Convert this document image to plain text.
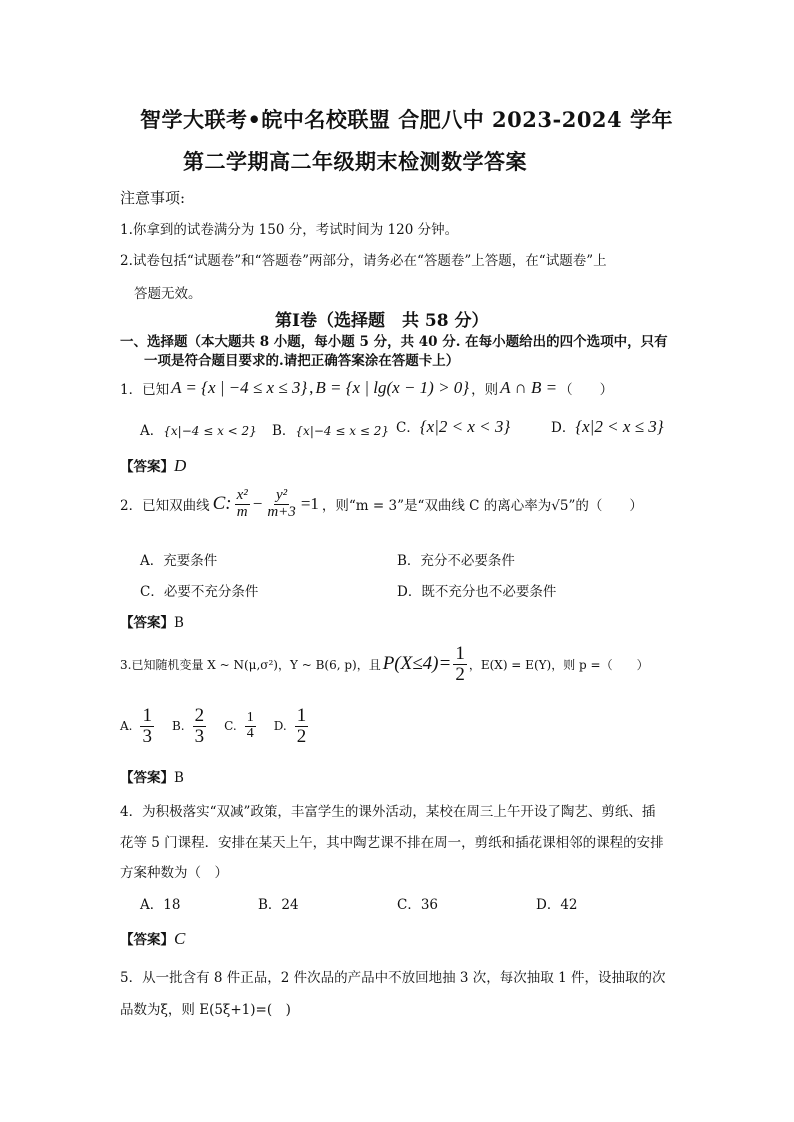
智学大联考•皖中名校联盟 合肥八中 2023-2024 学年
第二学期高二年级期末检测数学答案
注意事项:
1.你拿到的试卷满分为 150 分，考试时间为 120 分钟。
2.试卷包括“试题卷”和“答题卷”两部分，请务必在“答题卷”上答题，在“试题卷”上
答题无效。
第Ⅰ卷（选择题　共 58 分）
一、选择题（本大题共 8 小题，每小题 5 分，共 40 分. 在每小题给出的四个选项中，只有
一项是符合题目要求的.请把正确答案涂在答题卡上）
1．已知 A = {x | −4 ≤ x ≤ 3} , B = {x | lg(x − 1) > 0} ，则 A ∩ B = （　　）
A．{x|−4 ≤ x < 2} B．{x|−4 ≤ x ≤ 2} C．{x|2 < x < 3}	D．{x|2 < x ≤ 3}
【答案】D
2．已知双曲线 C: $\frac{\text{x²}}{m} - \frac{\text{y²}}{m+3} =1$ ，则“m = 3”是“双曲线 C 的离心率为√5”的（　　）
A．充要条件	B．充分不必要条件
C．必要不充分条件	D．既不充分也不必要条件
【答案】B
3.已知随机变量 X ~ N(μ,σ²)，Y ~ B(6, p)，且 $P(X\le 4)= \frac{1}{2}$ ，E(X) = E(Y)，则 p =（　　）
A. $\frac{1}{3} B$. $\frac{2}{3} C$. $\frac{1}{4} D$. $\frac{1}{2}$
【答案】B
4．为积极落实“双减”政策，丰富学生的课外活动，某校在周三上午开设了陶艺、剪纸、插
花等 5 门课程．安排在某天上午，其中陶艺课不排在周一，剪纸和插花课相邻的课程的安排
方案种数为（　）
A．18	B．24	C．36	D．42
【答案】C
5．从一批含有 8 件正品，2 件次品的产品中不放回地抽 3 次，每次抽取 1 件，设抽取的次
品数为ξ，则 E(5ξ+1)=(　)
